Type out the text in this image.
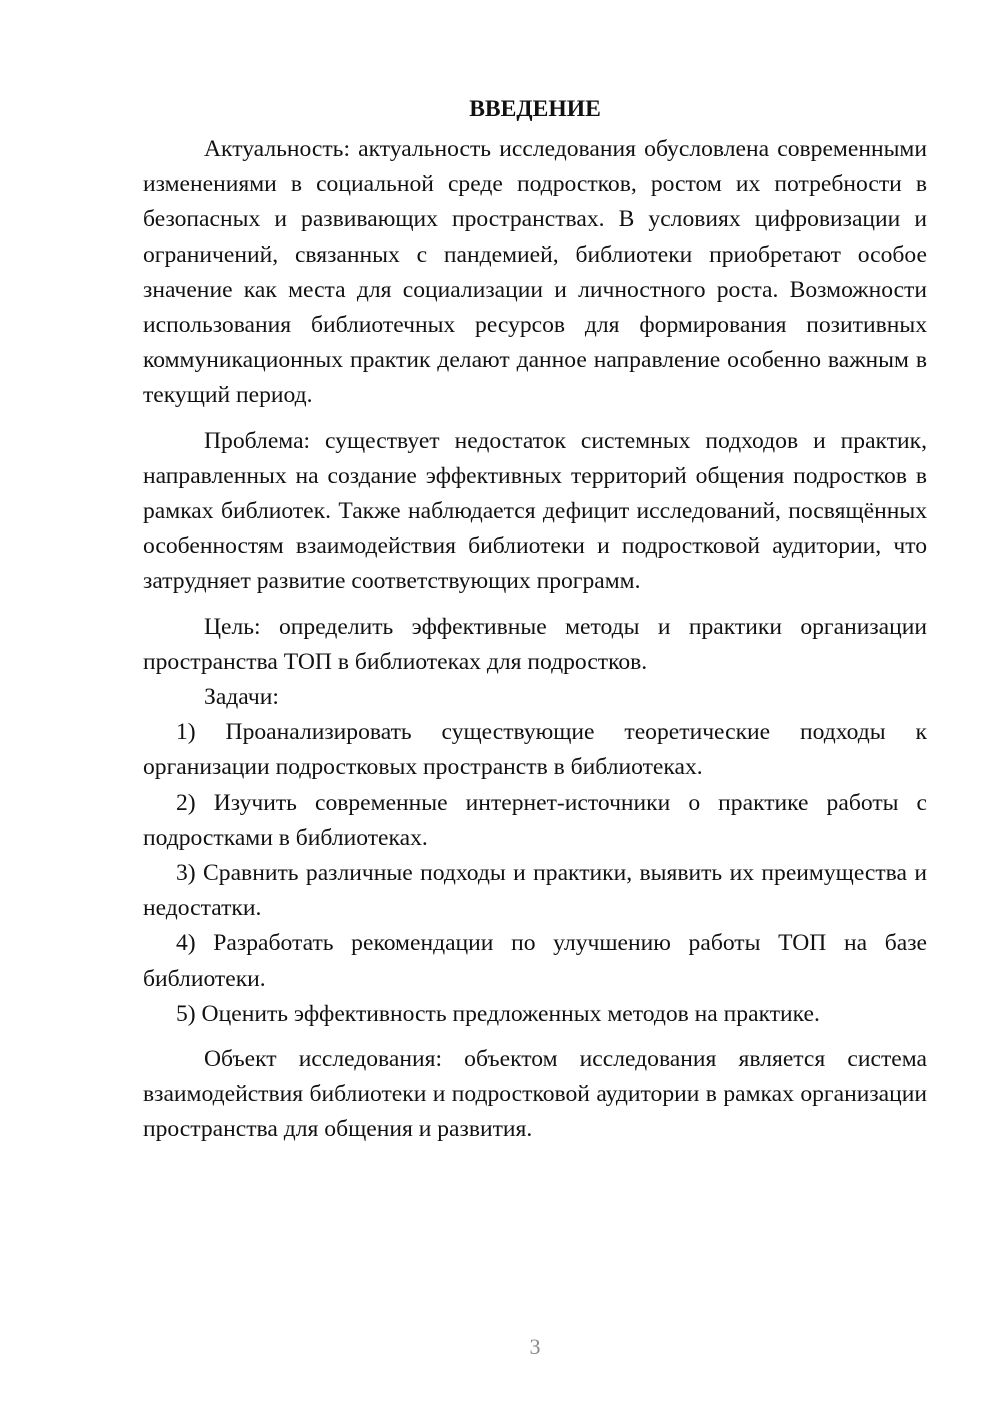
ВВЕДЕНИЕ

Актуальность: актуальность исследования обусловлена современными изменениями в социальной среде подростков, ростом их потребности в безопасных и развивающих пространствах. В условиях цифровизации и ограничений, связанных с пандемией, библиотеки приобретают особое значение как места для социализации и личностного роста. Возможности использования библиотечных ресурсов для формирования позитивных коммуникационных практик делают данное направление особенно важным в текущий период.

Проблема: существует недостаток системных подходов и практик, направленных на создание эффективных территорий общения подростков в рамках библиотек. Также наблюдается дефицит исследований, посвящённых особенностям взаимодействия библиотеки и подростковой аудитории, что затрудняет развитие соответствующих программ.

Цель: определить эффективные методы и практики организации пространства ТОП в библиотеках для подростков.

Задачи:

1) Проанализировать существующие теоретические подходы к организации подростковых пространств в библиотеках.

2) Изучить современные интернет-источники о практике работы с подростками в библиотеках.

3) Сравнить различные подходы и практики, выявить их преимущества и недостатки.

4) Разработать рекомендации по улучшению работы ТОП на базе библиотеки.

5) Оценить эффективность предложенных методов на практике.

Объект исследования: объектом исследования является система взаимодействия библиотеки и подростковой аудитории в рамках организации пространства для общения и развития.

3
